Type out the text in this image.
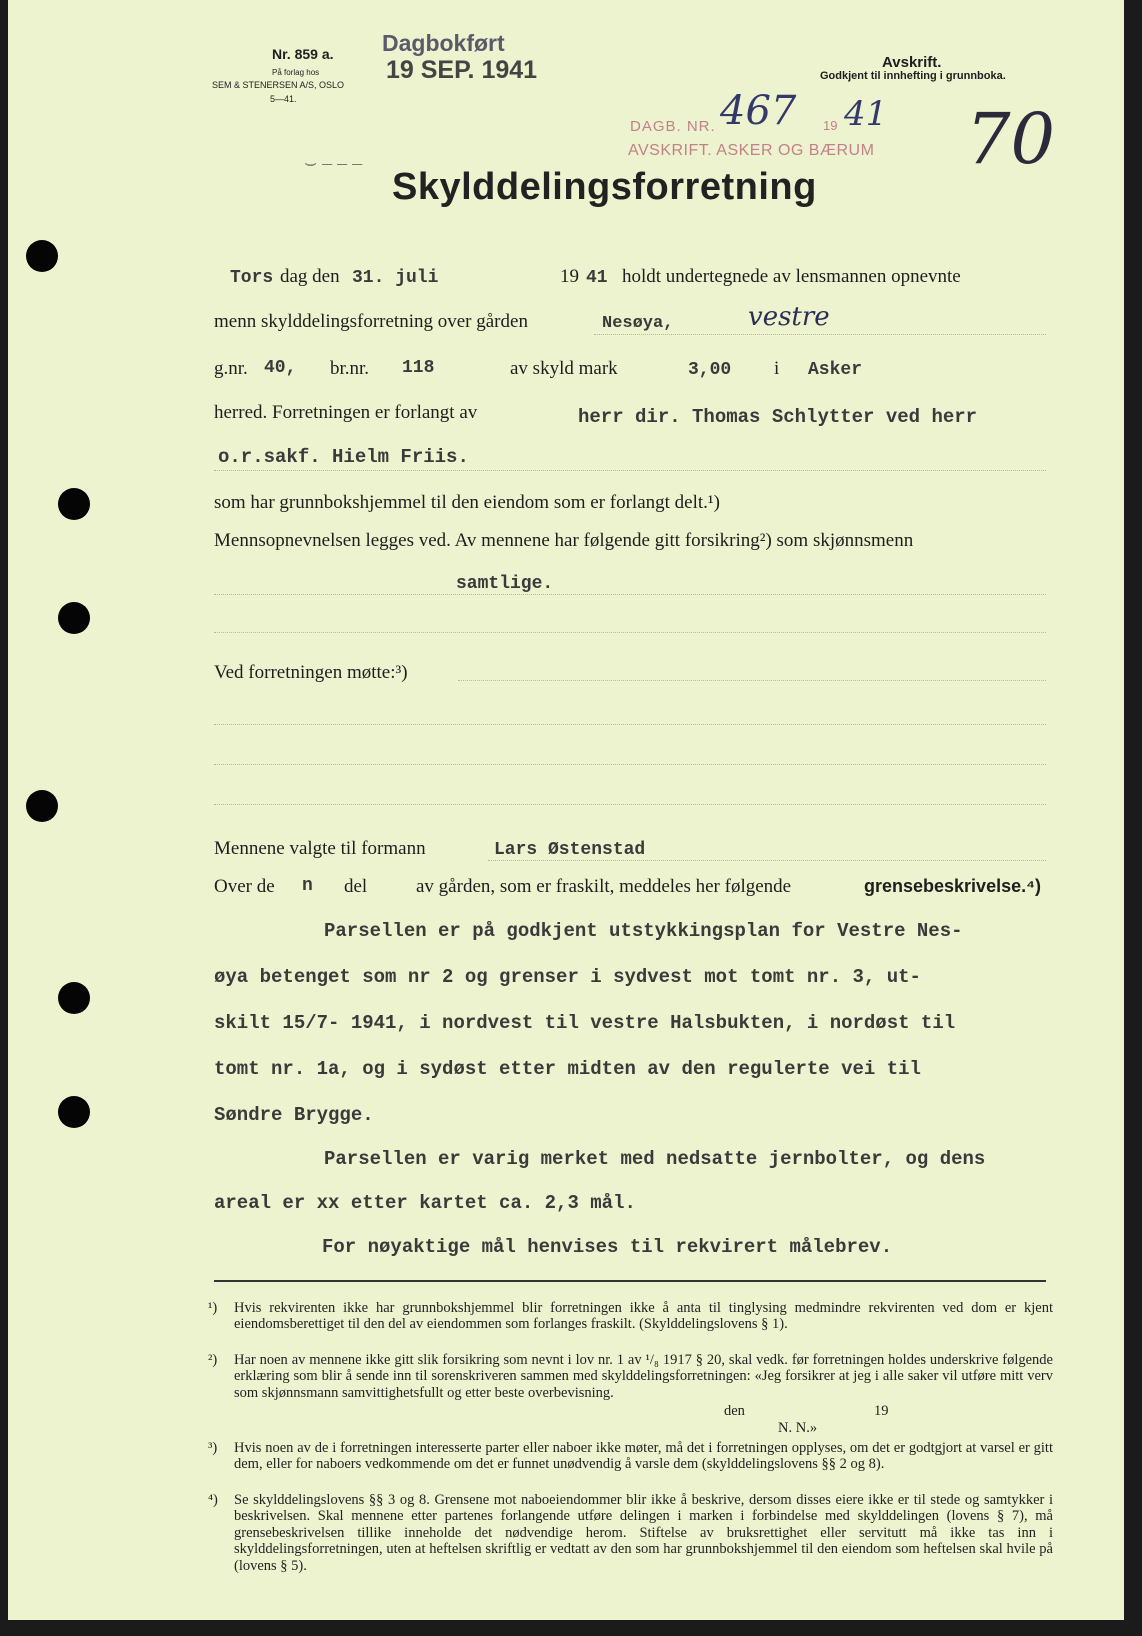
Nr. 859 a.
På forlag hos
SEM & STENERSEN A/S, OSLO
5—41.
Dagbokført
19 SEP. 1941	Avskrift.
Godkjent til innhefting i grunnboka.
DAGB. NR. 467 19 41
AVSKRIFT. ASKER OG BÆRUM 70
⌣ ‒ ‒ ‒
Skylddelingsforretning
Tors dag den 31. juli	19 41 holdt undertegnede av lensmannen opnevnte
menn skylddelingsforretning over gården	Nesøya,	vestre
g.nr. 40, br.nr. 118	av skyld mark	3,00 i Asker
herred. Forretningen er forlangt av	herr dir. Thomas Schlytter ved herr
o.r.sakf. Hielm Friis.
som har grunnbokshjemmel til den eiendom som er forlangt delt.¹)
Mennsopnevnelsen legges ved. Av mennene har følgende gitt forsikring²) som skjønnsmenn
samtlige.
Ved forretningen møtte:³)
Mennene valgte til formann	Lars Østenstad
Over de n del	av gården, som er fraskilt, meddeles her følgende	grensebeskrivelse.⁴)
Parsellen er på godkjent utstykkingsplan for Vestre Nes-
øya betenget som nr 2 og grenser i sydvest mot tomt nr. 3, ut-
skilt 15/7- 1941, i nordvest til vestre Halsbukten, i nordøst til
tomt nr. 1a, og i sydøst etter midten av den regulerte vei til
Søndre Brygge.
Parsellen er varig merket med nedsatte jernbolter, og dens
areal er xx etter kartet ca. 2,3 mål.
For nøyaktige mål henvises til rekvirert målebrev.
¹) Hvis rekvirenten ikke har grunnbokshjemmel blir forretningen ikke å anta til tinglysing medmindre rekvirenten ved dom er kjent eiendomsberettiget til den del av eiendommen som forlanges fraskilt. (Skylddelingslovens § 1).
²) Har noen av mennene ikke gitt slik forsikring som nevnt i lov nr. 1 av ¹/₈ 1917 § 20, skal vedk. før forretningen holdes underskrive følgende erklæring som blir å sende inn til sorenskriveren sammen med skylddelingsforretningen: «Jeg forsikrer at jeg i alle saker vil utføre mitt verv som skjønnsmann samvittighetsfullt og etter beste overbevisning.
den	19
N. N.»
³) Hvis noen av de i forretningen interesserte parter eller naboer ikke møter, må det i forretningen opplyses, om det er godtgjort at varsel er gitt dem, eller for naboers vedkommende om det er funnet unødvendig å varsle dem (skylddelingslovens §§ 2 og 8).
⁴) Se skylddelingslovens §§ 3 og 8. Grensene mot naboeiendommer blir ikke å beskrive, dersom disses eiere ikke er til stede og samtykker i beskrivelsen. Skal mennene etter partenes forlangende utføre delingen i marken i forbindelse med skylddelingen (lovens § 7), må grensebeskrivelsen tillike inneholde det nødvendige herom. Stiftelse av bruksrettighet eller servitutt må ikke tas inn i skylddelingsforretningen, uten at heftelsen skriftlig er vedtatt av den som har grunnbokshjemmel til den eiendom som heftelsen skal hvile på (lovens § 5).
